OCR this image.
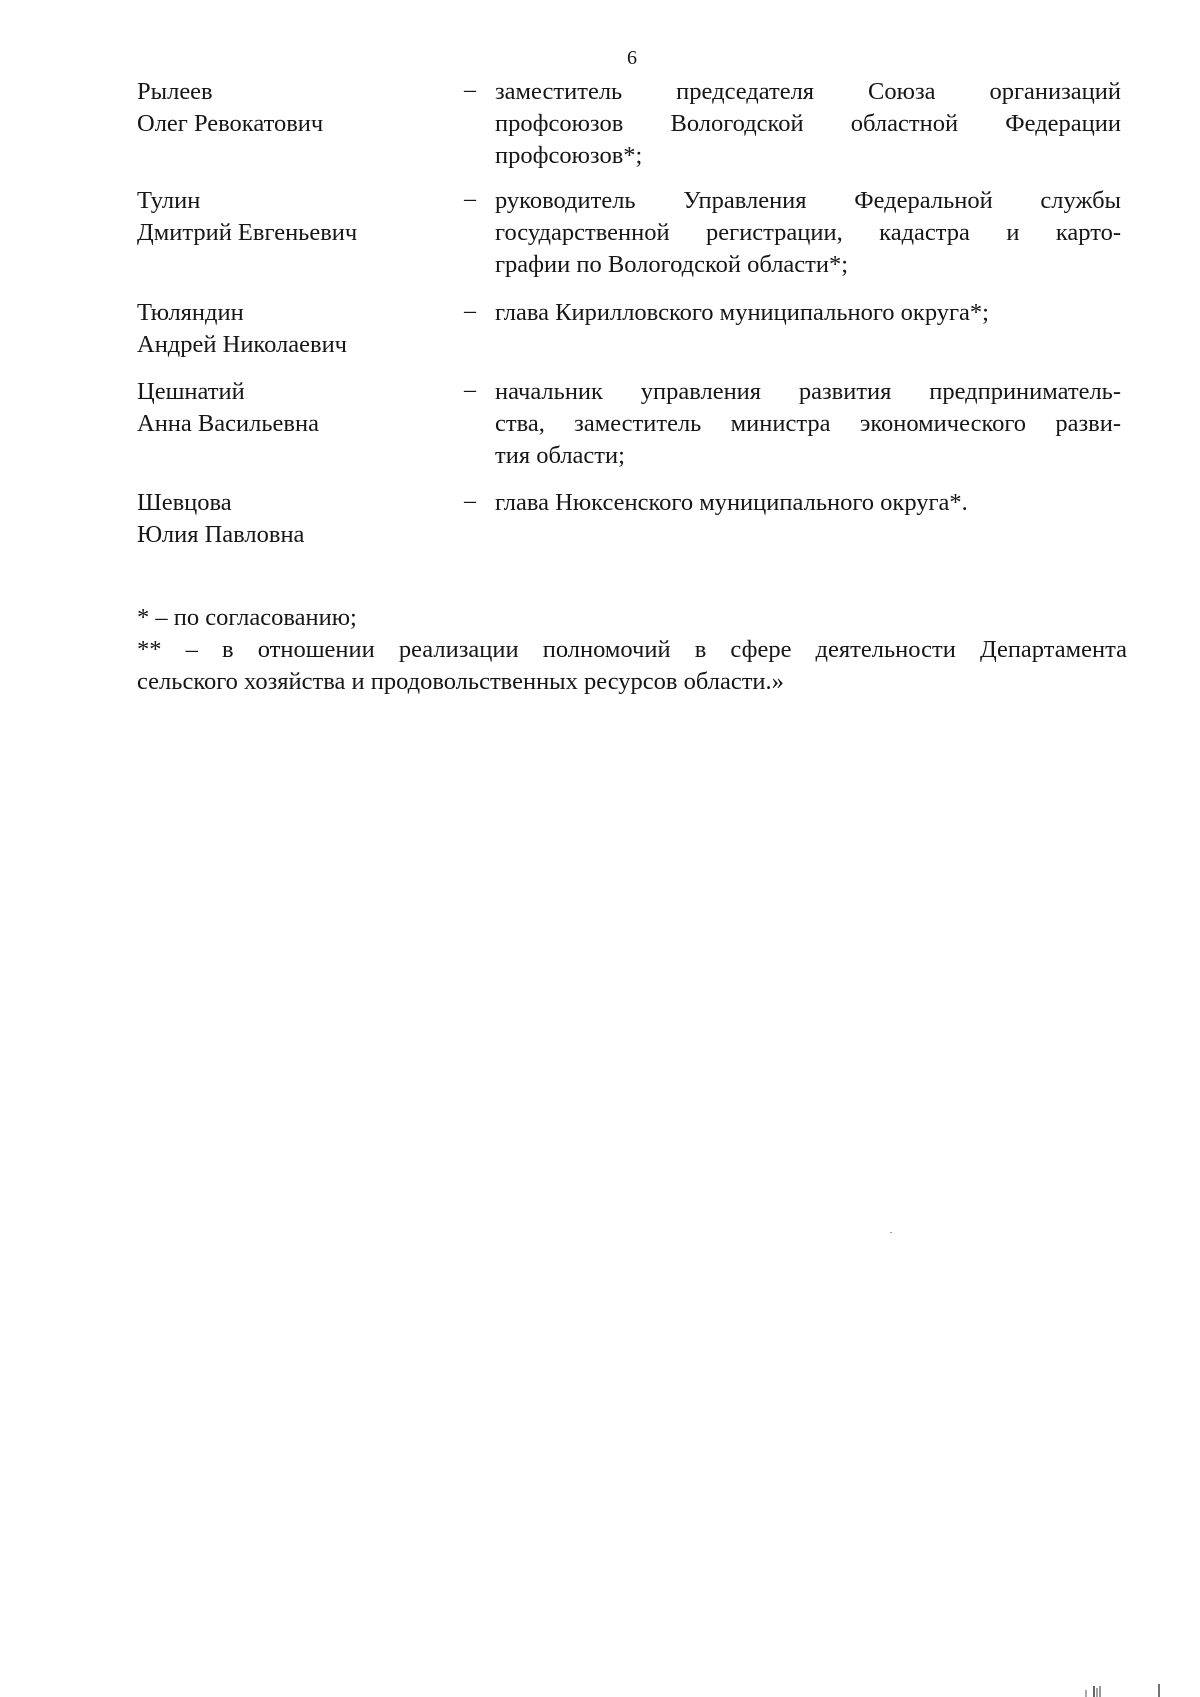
6
Рылеев
Олег Ревокатович
– заместитель председателя Союза организаций
профсоюзов Вологодской областной Федерации
профсоюзов*;
Тулин
Дмитрий Евгеньевич
– руководитель Управления Федеральной службы
государственной регистрации, кадастра и карто-
графии по Вологодской области*;
Тюляндин
Андрей Николаевич
– глава Кирилловского муниципального округа*;
Цешнатий
Анна Васильевна
– начальник управления развития предприниматель-
ства, заместитель министра экономического разви-
тия области;
Шевцова
Юлия Павловна
– глава Нюксенского муниципального округа*.

* – по согласованию;

** – в отношении реализации полномочий в сфере деятельности Департамента

сельского хозяйства и продовольственных ресурсов области.»
